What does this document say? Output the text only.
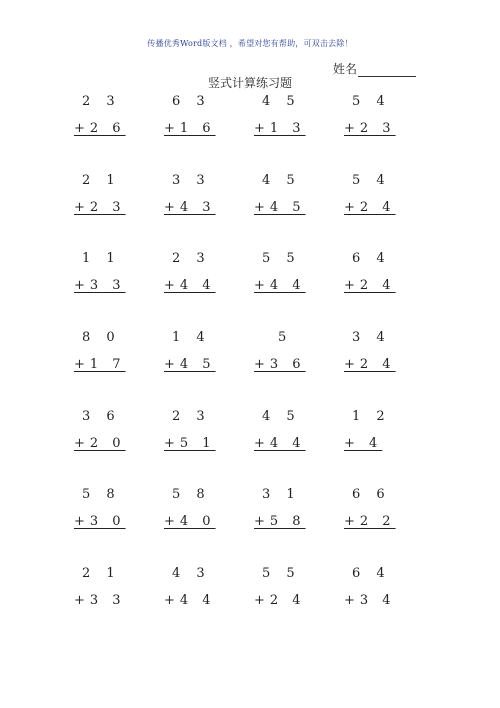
传播优秀Word版文档 ，希望对您有帮助，可双击去除！
姓名
竖式计算练习题
2 3
+2 6
6 3
+1 6
4 5
+1 3
5 4
+2 3
2 1
+2 3
3 3
+4 3
4 5
+4 5
5 4
+2 4
1 1
+3 3
2 3
+4 4
5 5
+4 4
6 4
+2 4
8 0
+1 7
1 4
+4 5
5
+3 6
3 4
+2 4
3 6
+2 0
2 3
+5 1
4 5
+4 4
1 2
+ 4
5 8
+3 0
5 8
+4 0
3 1
+5 8
6 6
+2 2
2 1
+3 3
4 3
+4 4
5 5
+2 4
6 4
+3 4
